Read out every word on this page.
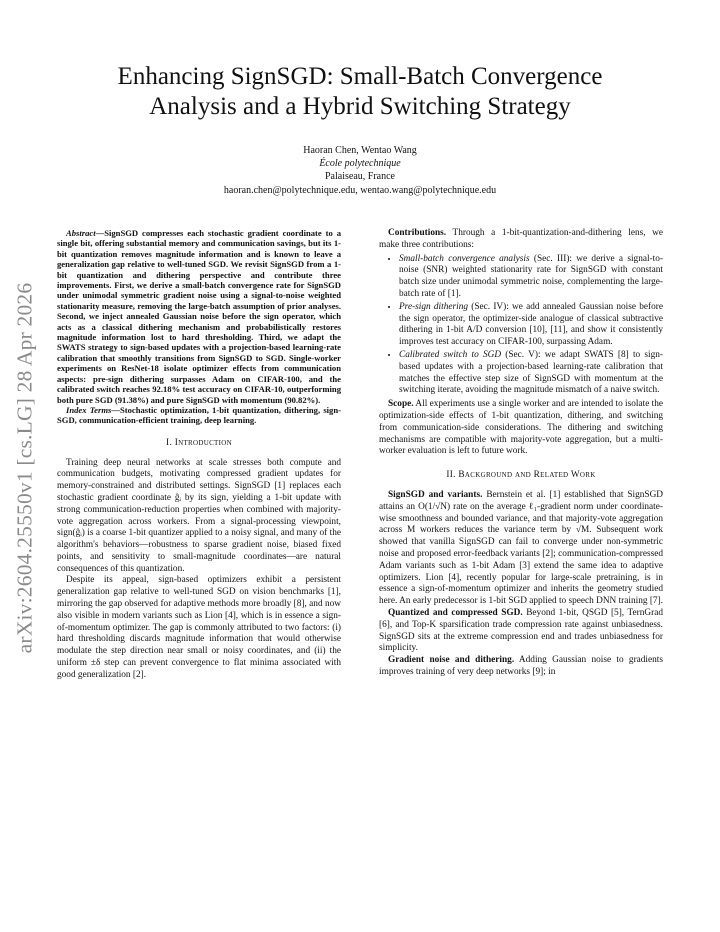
arXiv:2604.25550v1 [cs.LG] 28 Apr 2026
Enhancing SignSGD: Small-Batch Convergence
Analysis and a Hybrid Switching Strategy
Haoran Chen, Wentao Wang
École polytechnique
Palaiseau, France
haoran.chen@polytechnique.edu, wentao.wang@polytechnique.edu

Abstract—SignSGD compresses each stochastic gradient coordinate to a single bit, offering substantial memory and communication savings, but its 1-bit quantization removes magnitude information and is known to leave a generalization gap relative to well-tuned SGD. We revisit SignSGD from a 1-bit quantization and dithering perspective and contribute three improvements. First, we derive a small-batch convergence rate for SignSGD under unimodal symmetric gradient noise using a signal-to-noise weighted stationarity measure, removing the large-batch assumption of prior analyses. Second, we inject annealed Gaussian noise before the sign operator, which acts as a classical dithering mechanism and probabilistically restores magnitude information lost to hard thresholding. Third, we adapt the SWATS strategy to sign-based updates with a projection-based learning-rate calibration that smoothly transitions from SignSGD to SGD. Single-worker experiments on ResNet-18 isolate optimizer effects from communication aspects: pre-sign dithering surpasses Adam on CIFAR-100, and the calibrated switch reaches 92.18% test accuracy on CIFAR-10, outperforming both pure SGD (91.38%) and pure SignSGD with momentum (90.82%).

Index Terms—Stochastic optimization, 1-bit quantization, dithering, sign-SGD, communication-efficient training, deep learning.

I. Introduction

Training deep neural networks at scale stresses both compute and communication budgets, motivating compressed gradient updates for memory-constrained and distributed settings. SignSGD [1] replaces each stochastic gradient coordinate ĝᵢ by its sign, yielding a 1-bit update with strong communication-reduction properties when combined with majority-vote aggregation across workers. From a signal-processing viewpoint, sign(ĝᵢ) is a coarse 1-bit quantizer applied to a noisy signal, and many of the algorithm's behaviors—robustness to sparse gradient noise, biased fixed points, and sensitivity to small-magnitude coordinates—are natural consequences of this quantization.

Despite its appeal, sign-based optimizers exhibit a persistent generalization gap relative to well-tuned SGD on vision benchmarks [1], mirroring the gap observed for adaptive methods more broadly [8], and now also visible in modern variants such as Lion [4], which is in essence a sign-of-momentum optimizer. The gap is commonly attributed to two factors: (i) hard thresholding discards magnitude information that would otherwise modulate the step direction near small or noisy coordinates, and (ii) the uniform ±δ step can prevent convergence to flat minima associated with good generalization [2].

Contributions. Through a 1-bit-quantization-and-dithering lens, we make three contributions:

• Small-batch convergence analysis (Sec. III): we derive a signal-to-noise (SNR) weighted stationarity rate for SignSGD with constant batch size under unimodal symmetric noise, complementing the large-batch rate of [1].
• Pre-sign dithering (Sec. IV): we add annealed Gaussian noise before the sign operator, the optimizer-side analogue of classical subtractive dithering in 1-bit A/D conversion [10], [11], and show it consistently improves test accuracy on CIFAR-100, surpassing Adam.
• Calibrated switch to SGD (Sec. V): we adapt SWATS [8] to sign-based updates with a projection-based learning-rate calibration that matches the effective step size of SignSGD with momentum at the switching iterate, avoiding the magnitude mismatch of a naive switch.

Scope. All experiments use a single worker and are intended to isolate the optimization-side effects of 1-bit quantization, dithering, and switching from communication-side considerations. The dithering and switching mechanisms are compatible with majority-vote aggregation, but a multi-worker evaluation is left to future work.

II. Background and Related Work

SignSGD and variants. Bernstein et al. [1] established that SignSGD attains an O(1/√N) rate on the average ℓ₁-gradient norm under coordinate-wise smoothness and bounded variance, and that majority-vote aggregation across M workers reduces the variance term by √M. Subsequent work showed that vanilla SignSGD can fail to converge under non-symmetric noise and proposed error-feedback variants [2]; communication-compressed Adam variants such as 1-bit Adam [3] extend the same idea to adaptive optimizers. Lion [4], recently popular for large-scale pretraining, is in essence a sign-of-momentum optimizer and inherits the geometry studied here. An early predecessor is 1-bit SGD applied to speech DNN training [7].

Quantized and compressed SGD. Beyond 1-bit, QSGD [5], TernGrad [6], and Top-K sparsification trade compression rate against unbiasedness. SignSGD sits at the extreme compression end and trades unbiasedness for simplicity.

Gradient noise and dithering. Adding Gaussian noise to gradients improves training of very deep networks [9]; in
